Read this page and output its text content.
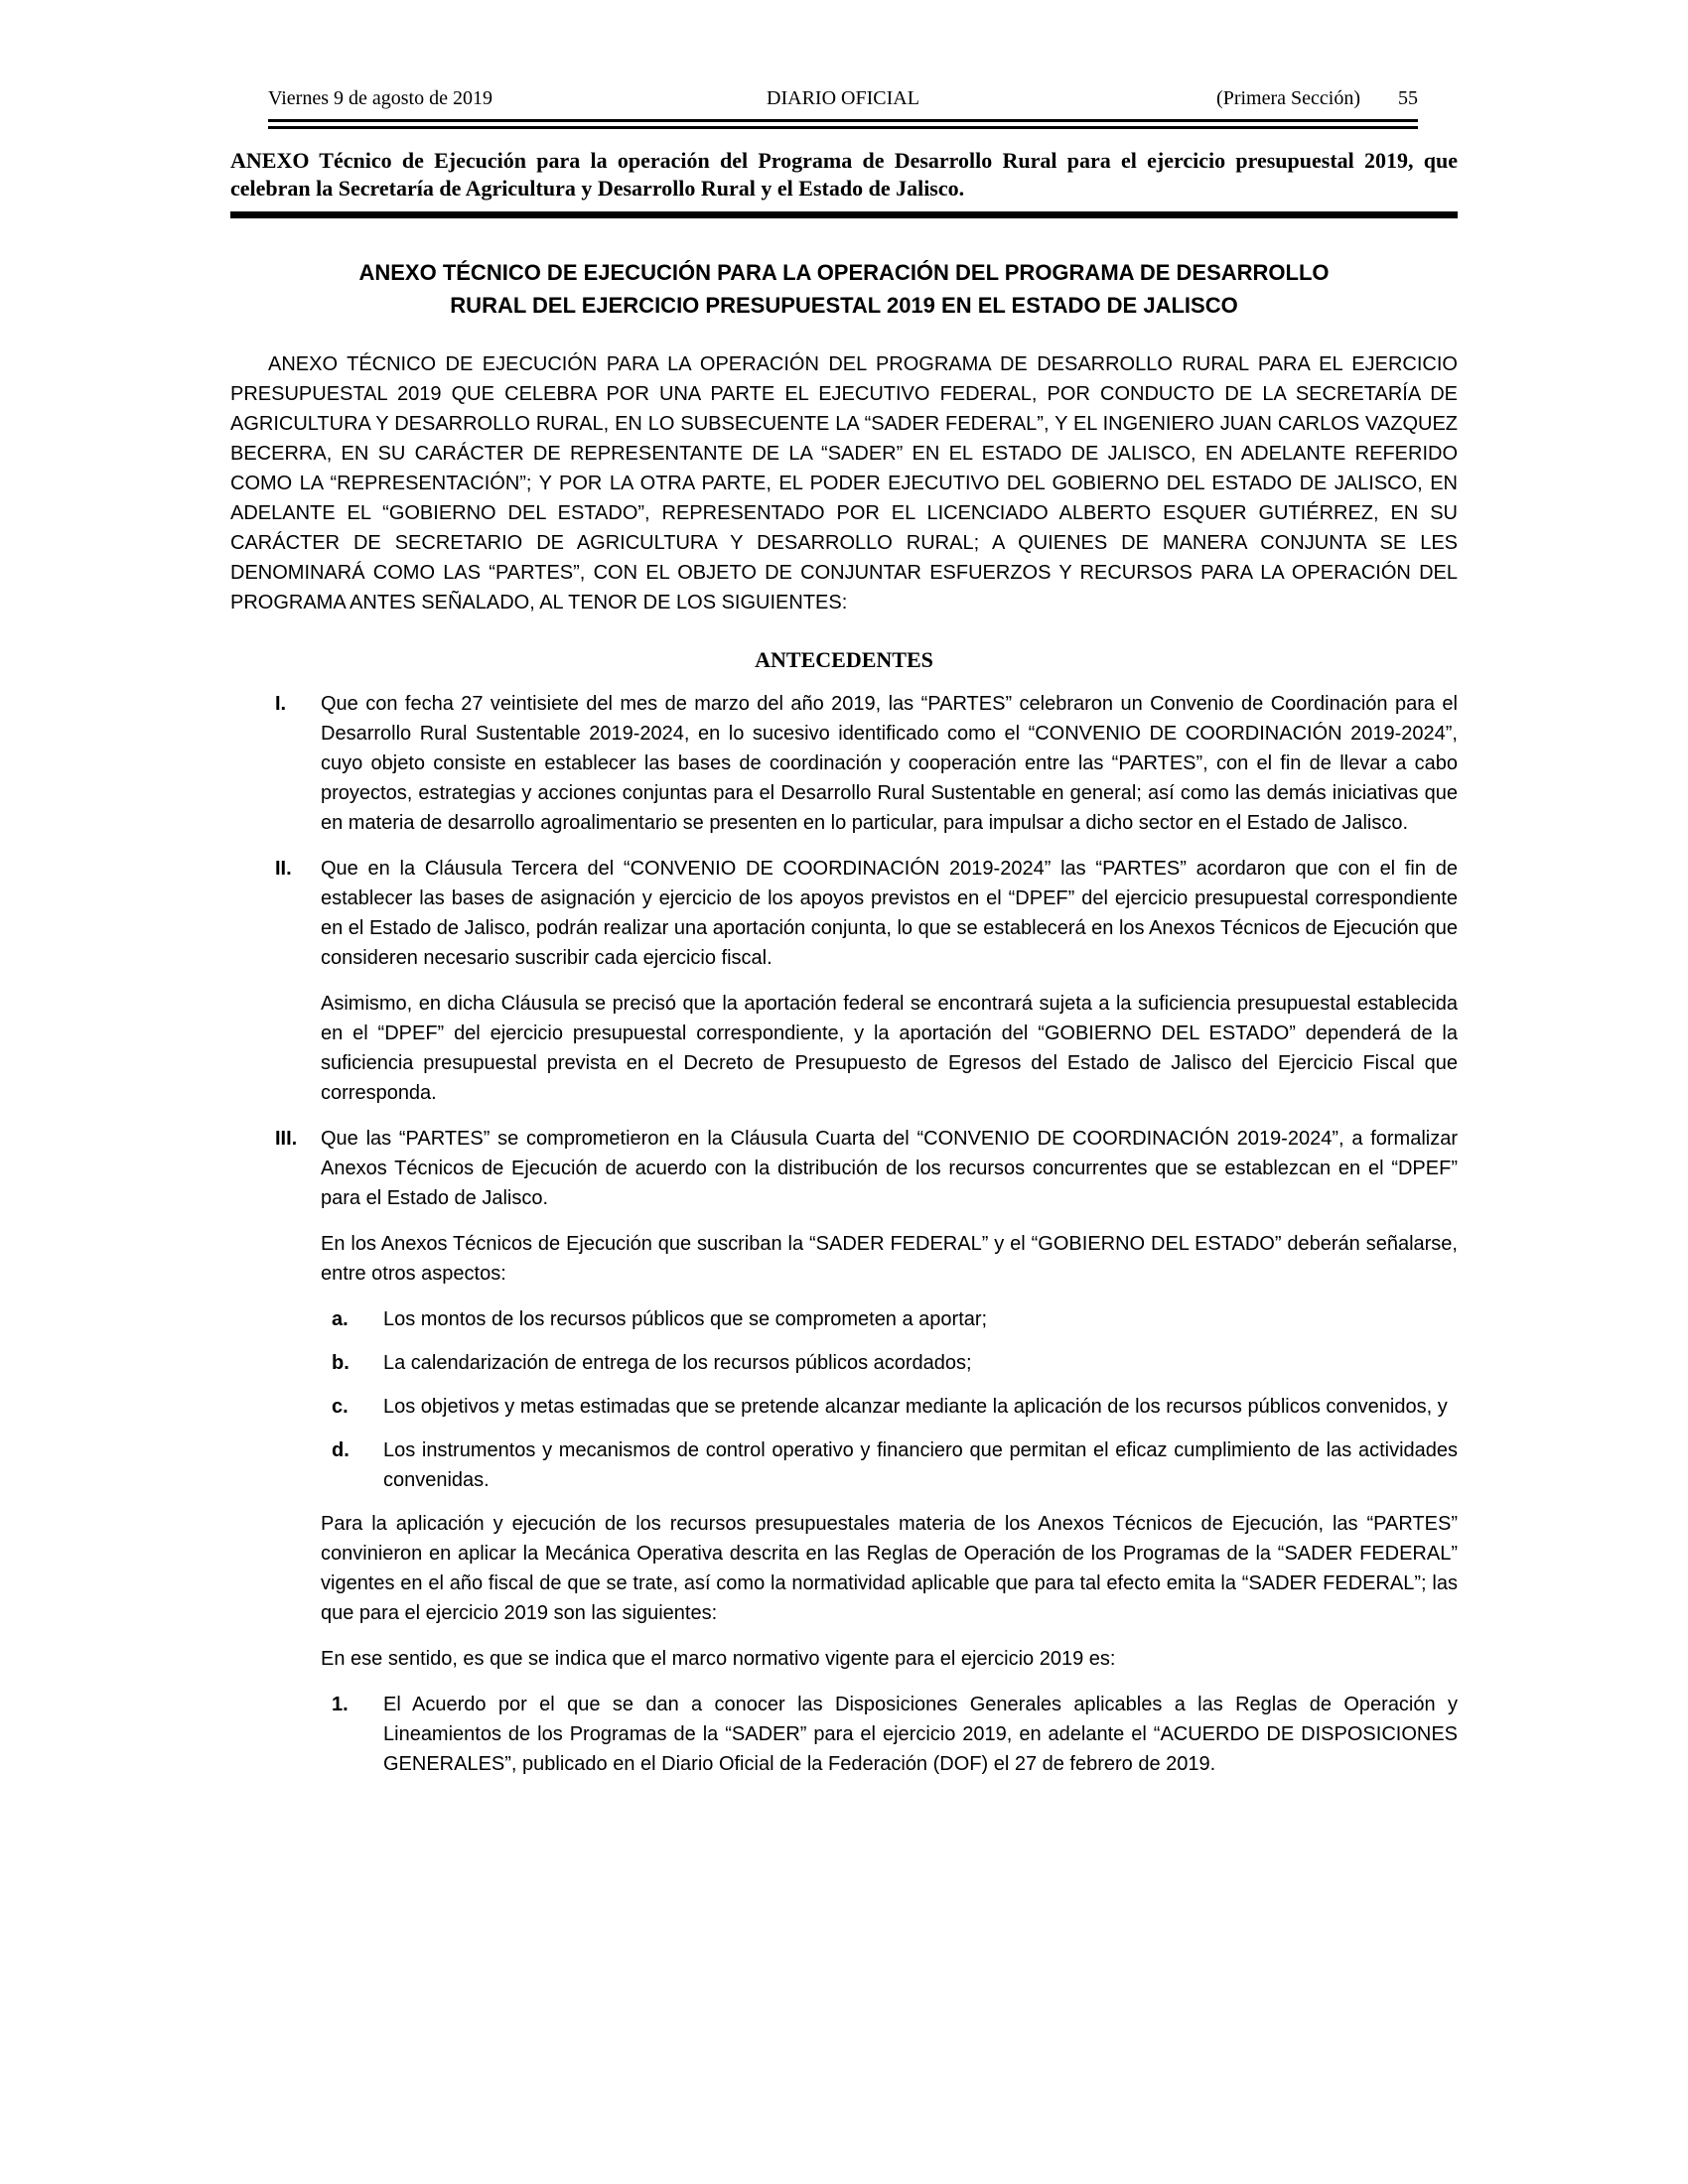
Viernes 9 de agosto de 2019	DIARIO OFICIAL	(Primera Sección) 55

ANEXO Técnico de Ejecución para la operación del Programa de Desarrollo Rural para el ejercicio presupuestal 2019, que celebran la Secretaría de Agricultura y Desarrollo Rural y el Estado de Jalisco.

ANEXO TÉCNICO DE EJECUCIÓN PARA LA OPERACIÓN DEL PROGRAMA DE DESARROLLO
RURAL DEL EJERCICIO PRESUPUESTAL 2019 EN EL ESTADO DE JALISCO

ANEXO TÉCNICO DE EJECUCIÓN PARA LA OPERACIÓN DEL PROGRAMA DE DESARROLLO RURAL PARA EL EJERCICIO PRESUPUESTAL 2019 QUE CELEBRA POR UNA PARTE EL EJECUTIVO FEDERAL, POR CONDUCTO DE LA SECRETARÍA DE AGRICULTURA Y DESARROLLO RURAL, EN LO SUBSECUENTE LA “SADER FEDERAL”, Y EL INGENIERO JUAN CARLOS VAZQUEZ BECERRA, EN SU CARÁCTER DE REPRESENTANTE DE LA “SADER” EN EL ESTADO DE JALISCO, EN ADELANTE REFERIDO COMO LA “REPRESENTACIÓN”; Y POR LA OTRA PARTE, EL PODER EJECUTIVO DEL GOBIERNO DEL ESTADO DE JALISCO, EN ADELANTE EL “GOBIERNO DEL ESTADO”, REPRESENTADO POR EL LICENCIADO ALBERTO ESQUER GUTIÉRREZ, EN SU CARÁCTER DE SECRETARIO DE AGRICULTURA Y DESARROLLO RURAL; A QUIENES DE MANERA CONJUNTA SE LES DENOMINARÁ COMO LAS “PARTES”, CON EL OBJETO DE CONJUNTAR ESFUERZOS Y RECURSOS PARA LA OPERACIÓN DEL PROGRAMA ANTES SEÑALADO, AL TENOR DE LOS SIGUIENTES:

ANTECEDENTES

I. Que con fecha 27 veintisiete del mes de marzo del año 2019, las “PARTES” celebraron un Convenio de Coordinación para el Desarrollo Rural Sustentable 2019-2024, en lo sucesivo identificado como el “CONVENIO DE COORDINACIÓN 2019-2024”, cuyo objeto consiste en establecer las bases de coordinación y cooperación entre las “PARTES”, con el fin de llevar a cabo proyectos, estrategias y acciones conjuntas para el Desarrollo Rural Sustentable en general; así como las demás iniciativas que en materia de desarrollo agroalimentario se presenten en lo particular, para impulsar a dicho sector en el Estado de Jalisco.

II. Que en la Cláusula Tercera del “CONVENIO DE COORDINACIÓN 2019-2024” las “PARTES” acordaron que con el fin de establecer las bases de asignación y ejercicio de los apoyos previstos en el “DPEF” del ejercicio presupuestal correspondiente en el Estado de Jalisco, podrán realizar una aportación conjunta, lo que se establecerá en los Anexos Técnicos de Ejecución que consideren necesario suscribir cada ejercicio fiscal.

Asimismo, en dicha Cláusula se precisó que la aportación federal se encontrará sujeta a la suficiencia presupuestal establecida en el “DPEF” del ejercicio presupuestal correspondiente, y la aportación del “GOBIERNO DEL ESTADO” dependerá de la suficiencia presupuestal prevista en el Decreto de Presupuesto de Egresos del Estado de Jalisco del Ejercicio Fiscal que corresponda.

III. Que las “PARTES” se comprometieron en la Cláusula Cuarta del “CONVENIO DE COORDINACIÓN 2019-2024”, a formalizar Anexos Técnicos de Ejecución de acuerdo con la distribución de los recursos concurrentes que se establezcan en el “DPEF” para el Estado de Jalisco.

En los Anexos Técnicos de Ejecución que suscriban la “SADER FEDERAL” y el “GOBIERNO DEL ESTADO” deberán señalarse, entre otros aspectos:

a. Los montos de los recursos públicos que se comprometen a aportar;

b. La calendarización de entrega de los recursos públicos acordados;

c. Los objetivos y metas estimadas que se pretende alcanzar mediante la aplicación de los recursos públicos convenidos, y

d. Los instrumentos y mecanismos de control operativo y financiero que permitan el eficaz cumplimiento de las actividades convenidas.

Para la aplicación y ejecución de los recursos presupuestales materia de los Anexos Técnicos de Ejecución, las “PARTES” convinieron en aplicar la Mecánica Operativa descrita en las Reglas de Operación de los Programas de la “SADER FEDERAL” vigentes en el año fiscal de que se trate, así como la normatividad aplicable que para tal efecto emita la “SADER FEDERAL”; las que para el ejercicio 2019 son las siguientes:

En ese sentido, es que se indica que el marco normativo vigente para el ejercicio 2019 es:

1. El Acuerdo por el que se dan a conocer las Disposiciones Generales aplicables a las Reglas de Operación y Lineamientos de los Programas de la “SADER” para el ejercicio 2019, en adelante el “ACUERDO DE DISPOSICIONES GENERALES”, publicado en el Diario Oficial de la Federación (DOF) el 27 de febrero de 2019.
